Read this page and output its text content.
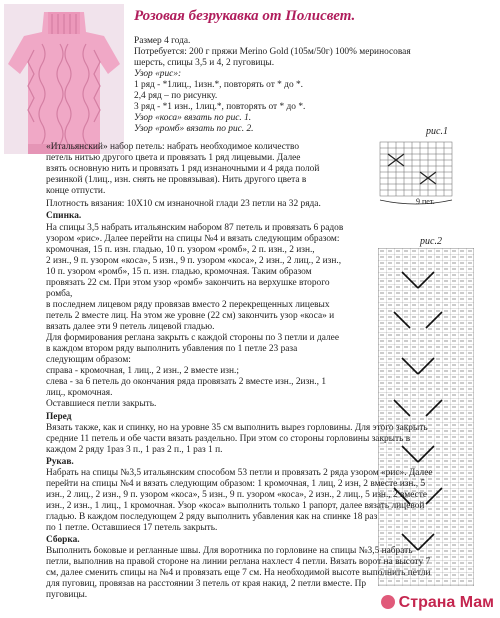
Розовая безрукавка от Полисвет.
Размер 4 года.
Потребуется: 200 г пряжи Merino Gold (105м/50г) 100% мериносовая
шерсть, спицы 3,5 и 4, 2 пуговицы.
Узор «рис»:
1 ряд - *1лиц., 1изн.*, повторять от * до *.
2,4 ряд – по рисунку.
3 ряд - *1 изн., 1лиц.*, повторять от * до *.
Узор «коса» вязать по рис. 1.
Узор «ромб» вязать по рис. 2.	рис.1
9 пет.
рис.2
«Итальянский» набор петель: набрать необходимое количество
петель нитью другого цвета и провязать 1 ряд лицевыми. Далее
взять основную нить и провязать 1 ряд изнаночными и 4 ряда полой
резинкой (1лиц., изн. снять не провязывая). Нить другого цвета в
конце отпусти.
Плотность вязания: 10Х10 см изнаночной глади 23 петли на 32 ряда.
Спинка.
На спицы 3,5 набрать итальянским набором 87 петель и провязать 6 радов
узором «рис». Далее перейти на спицы №4 и вязать следующим образом:
кромочная, 15 п. изн. гладью, 10 п. узором «ромб», 2 п. изн., 2 изн.,
2 изн., 9 п. узором «коса», 5 изн., 9 п. узором «коса», 2 изн., 2 лиц., 2 изн.,
10 п. узором «ромб», 15 п. изн. гладью, кромочная. Таким образом
провязать 22 см. При этом узор «ромб» закончить на верхушке второго
ромба,
в последнем лицевом ряду провязав вместо 2 перекрещенных лицевых
петель 2 вместе лиц. На этом же уровне (22 см) закончить узор «коса» и
вязать далее эти 9 петель лицевой гладью.
Для формирования реглана закрыть с каждой стороны по 3 петли и далее
в каждом втором ряду выполнить убавления по 1 петле 23 раза
следующим образом:
справа - кромочная, 1 лиц., 2 изн., 2 вместе изн.;
слева - за 6 петель до окончания ряда провязать 2 вместе изн., 2изн., 1
лиц., кромочная.
Оставшиеся петли закрыть.
Перед
Вязать также, как и спинку, но на уровне 35 см выполнить вырез горловины. Для этого закрыть
средние 11 петель и обе части вязать раздельно. При этом со стороны горловины закрыть в
каждом 2 ряду 1раз 3 п., 1 раз 2 п., 1 раз 1 п.
Рукав.
Набрать на спицы №3,5 итальянским способом 53 петли и провязать 2 ряда узором «рис». Далее
перейти на спицы №4 и вязать следующим образом: 1 кромочная, 1 лиц, 2 изн, 2 вместе изн., 5
изн., 2 лиц., 2 изн., 9 п. узором «коса», 5 изн., 9 п. узором «коса», 2 изн., 2 лиц., 5 изн., 2 вместе
изн., 2 изн., 1 лиц., 1 кромочная. Узор «коса» выполнить только 1 рапорт, далее вязать лицевой
гладью. В каждом последующем 2 ряду выполнить убавления как на спинке 18 раз
по 1 петле. Оставшиеся 17 петель закрыть.
Сборка.
Выполнить боковые и регланные швы. Для воротника по горловине на спицы №3,5 набрать
петли, выполнив на правой стороне на линии реглана нахлест 4 петли. Вязать ворот на высоту 7
см, далее сменить спицы на №4 и провязать еще 7 см. На необходимой высоте выполнить петли
для пуговиц, провязав на расстоянии 3 петель от края накид, 2 петли вместе. Пр
пуговицы.	Страна Мам
